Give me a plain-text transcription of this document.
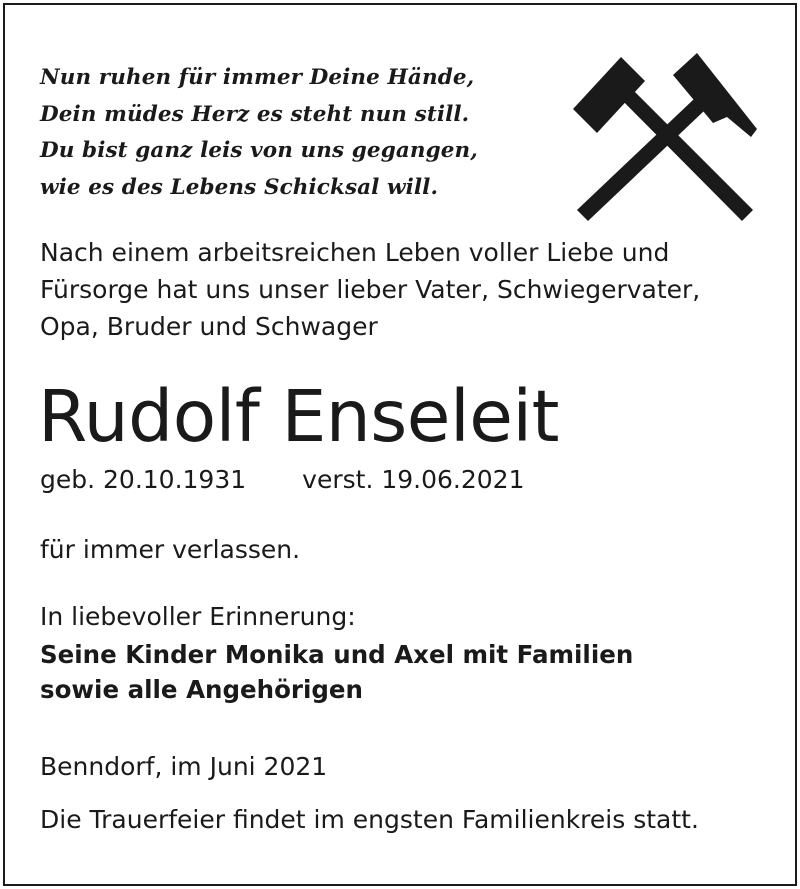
Nun ruhen für immer Deine Hände,
Dein müdes Herz es steht nun still.
Du bist ganz leis von uns gegangen,
wie es des Lebens Schicksal will.
Nach einem arbeitsreichen Leben voller Liebe und
Fürsorge hat uns unser lieber Vater, Schwiegervater,
Opa, Bruder und Schwager
Rudolf Enseleit
geb. 20.10.1931 verst. 19.06.2021
für immer verlassen.
In liebevoller Erinnerung:
Seine Kinder Monika und Axel mit Familien
sowie alle Angehörigen
Benndorf, im Juni 2021
Die Trauerfeier findet im engsten Familienkreis statt.
